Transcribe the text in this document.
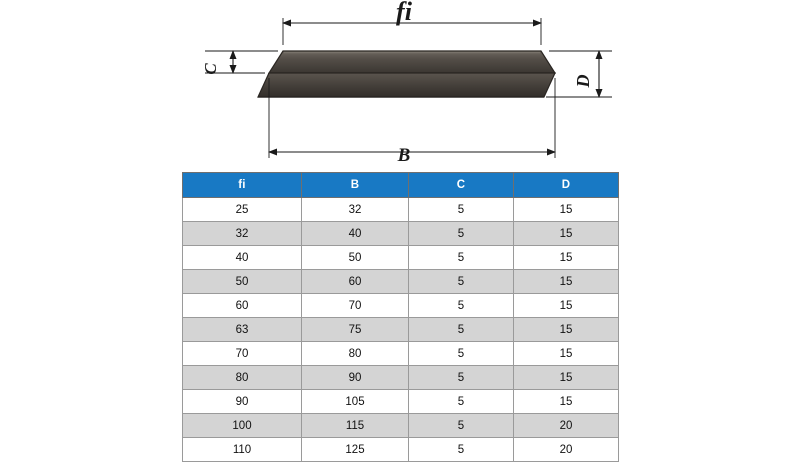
fi
B
C
D
fi	B	C	D
25	32	5	15
32	40	5	15
40	50	5	15
50	60	5	15
60	70	5	15
63	75	5	15
70	80	5	15
80	90	5	15
90	105	5	15
100	115	5	20
110	125	5	20
